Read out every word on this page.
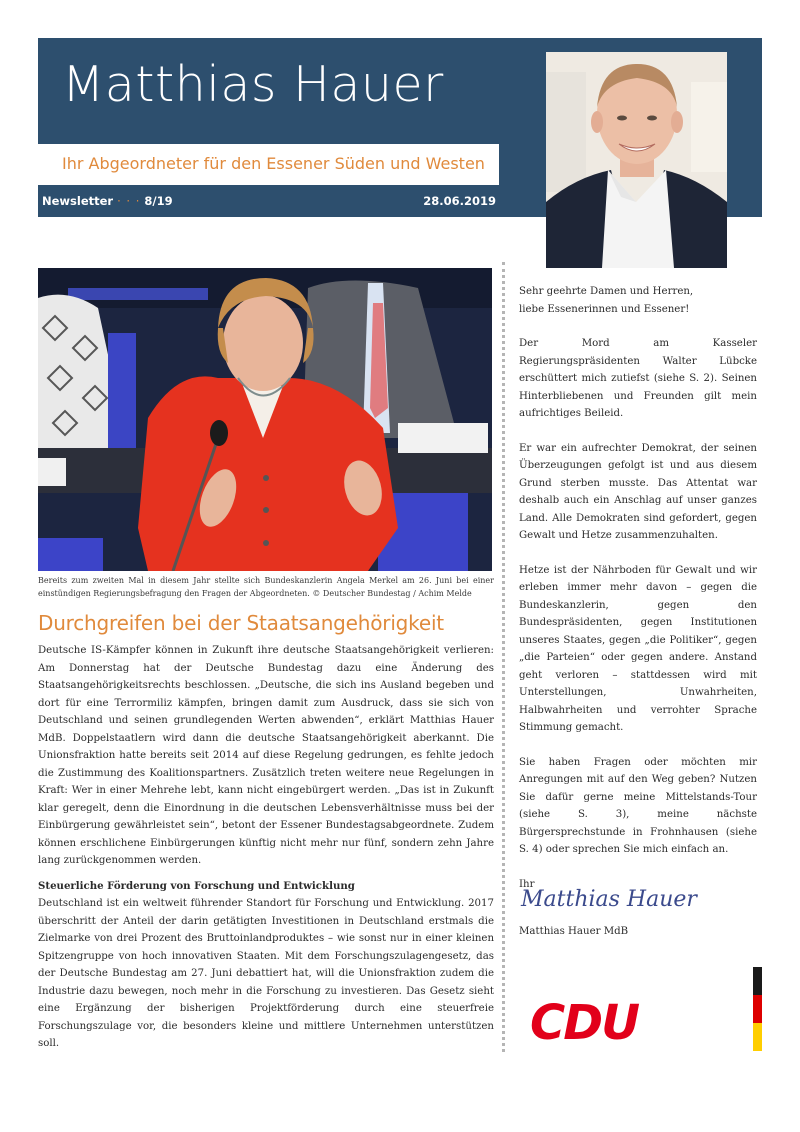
Matthias Hauer
Ihr Abgeordneter für den Essener Süden und Westen
Newsletter · · · 8/19	28.06.2019
Bereits zum zweiten Mal in diesem Jahr stellte sich Bundeskanzlerin Angela Merkel am 26. Juni bei einer einstündigen Regierungsbefragung den Fragen der Abgeordneten. © Deutscher Bundestag / Achim Melde
Durchgreifen bei der Staatsangehörigkeit

Deutsche IS-Kämpfer können in Zukunft ihre deutsche Staatsangehörigkeit verlieren: Am Donnerstag hat der Deutsche Bundestag dazu eine Änderung des Staatsangehörigkeitsrechts beschlossen. „Deutsche, die sich ins Ausland begeben und dort für eine Terrormiliz kämpfen, bringen damit zum Ausdruck, dass sie sich von Deutschland und seinen grundlegenden Werten abwenden“, erklärt Matthias Hauer MdB. Doppelstaatlern wird dann die deutsche Staatsangehörigkeit aberkannt. Die Unionsfraktion hatte bereits seit 2014 auf diese Regelung gedrungen, es fehlte jedoch die Zustimmung des Koalitionspartners. Zusätzlich treten weitere neue Regelungen in Kraft: Wer in einer Mehrehe lebt, kann nicht eingebürgert werden. „Das ist in Zukunft klar geregelt, denn die Einordnung in die deutschen Lebensverhältnisse muss bei der Einbürgerung gewährleistet sein“, betont der Essener Bundestagsabgeordnete. Zudem können erschlichene Einbürgerungen künftig nicht mehr nur fünf, sondern zehn Jahre lang zurückgenommen werden.

Steuerliche Förderung von Forschung und Entwicklung

Deutschland ist ein weltweit führender Standort für Forschung und Entwicklung. 2017 überschritt der Anteil der darin getätigten Investitionen in Deutschland erstmals die Zielmarke von drei Prozent des Bruttoinlandproduktes – wie sonst nur in einer kleinen Spitzengruppe von hoch innovativen Staaten. Mit dem Forschungszulagengesetz, das der Deutsche Bundestag am 27. Juni debattiert hat, will die Unionsfraktion zudem die Industrie dazu bewegen, noch mehr in die Forschung zu investieren. Das Gesetz sieht eine Ergänzung der bisherigen Projektförderung durch eine steuerfreie Forschungszulage vor, die besonders kleine und mittlere Unternehmen unterstützen soll.

Sehr geehrte Damen und Herren,
liebe Essenerinnen und Essener!

Der Mord am Kasseler Regierungspräsidenten Walter Lübcke erschüttert mich zutiefst (siehe S. 2). Seinen Hinterbliebenen und Freunden gilt mein aufrichtiges Beileid.

Er war ein aufrechter Demokrat, der seinen Überzeugungen gefolgt ist und aus diesem Grund sterben musste. Das Attentat war deshalb auch ein Anschlag auf unser ganzes Land. Alle Demokraten sind gefordert, gegen Gewalt und Hetze zusammenzuhalten.

Hetze ist der Nährboden für Gewalt und wir erleben immer mehr davon – gegen die Bundeskanzlerin, gegen den Bundespräsidenten, gegen Institutionen unseres Staates, gegen „die Politiker“, gegen „die Parteien“ oder gegen andere. Anstand geht verloren – stattdessen wird mit Unterstellungen, Unwahrheiten, Halbwahrheiten und verrohter Sprache Stimmung gemacht.

Sie haben Fragen oder möchten mir Anregungen mit auf den Weg geben? Nutzen Sie dafür gerne meine Mittelstands-Tour (siehe S. 3), meine nächste Bürgersprechstunde in Frohnhausen (siehe S. 4) oder sprechen Sie mich einfach an.

Ihr

Matthias Hauer
Matthias Hauer MdB
CDU
